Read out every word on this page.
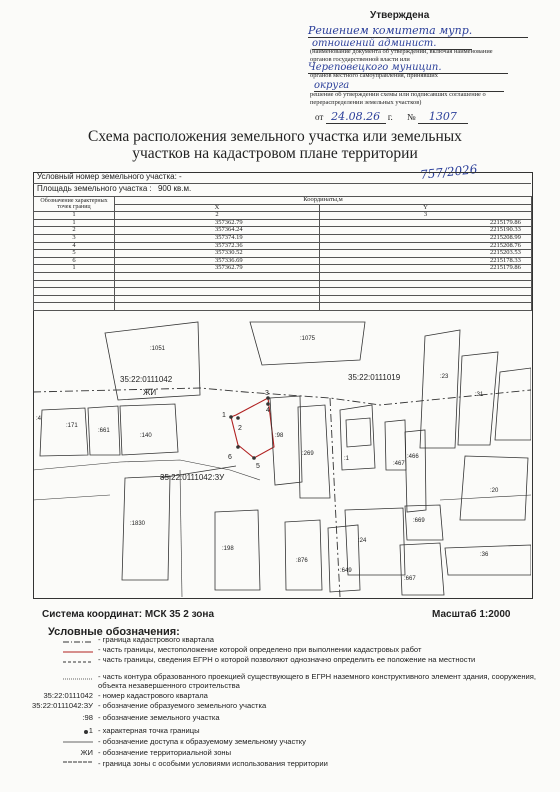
Утверждена
Решением комитета мупр.
отношений админист.
(наименование документа об утверждении, включая наименование органов государственной власти или
Череповецкого муницип.
органов местного самоуправления, принявших
округа
решение об утверждении схемы или подписавших соглашение о перераспределении земельных участков)
от 24.08.26 г. № 1307
Схема расположения земельного участка или земельных
участков на кадастровом плане территории
757/2026
Условный номер земельного участка: -
Площадь земельного участка : 900 кв.м.
Обозначение характерных точек границ	Координаты,м	
	X	Y
1	2	3
1	357362.79	2215179.86
2	357364.24	2215190.33
3	357374.19	2215208.99
4	357372.36	2215208.76
5	357330.52	2215203.53
6	357336.69	2215178.33
1	357362.79	2215179.86

:1051
:1075
:23
:31
:171
:661
:140	:98
:269
:1
:467
:466
:20
:1830	:669
:24
:198
:876
:649
:667
:36
:4
35:22:0111042
ЖИ
35:22:0111019
35:22:0111042:ЗУ
1
2
3
4
5
6
Система координат: МСК 35 2 зона	Масштаб 1:2000
Условные обозначения:
- граница кадастрового квартала
- часть границы, местоположение которой определено при выполнении кадастровых работ
- часть границы, сведения ЕГРН о которой позволяют однозначно определить ее положение на местности
- часть контура образованного проекцией существующего в ЕГРН наземного конструктивного элемент здания, сооружения, объекта незавершенного строительства
35:22:0111042 - номер кадастрового квартала
35:22:0111042:ЗУ - обозначение образуемого земельного участка
:98 - обозначение земельного участка
1 - характерная точка границы
- обозначение доступа к образуемому земельному участку
ЖИ - обозначение территориальной зоны
- граница зоны с особыми условиями использования территории
